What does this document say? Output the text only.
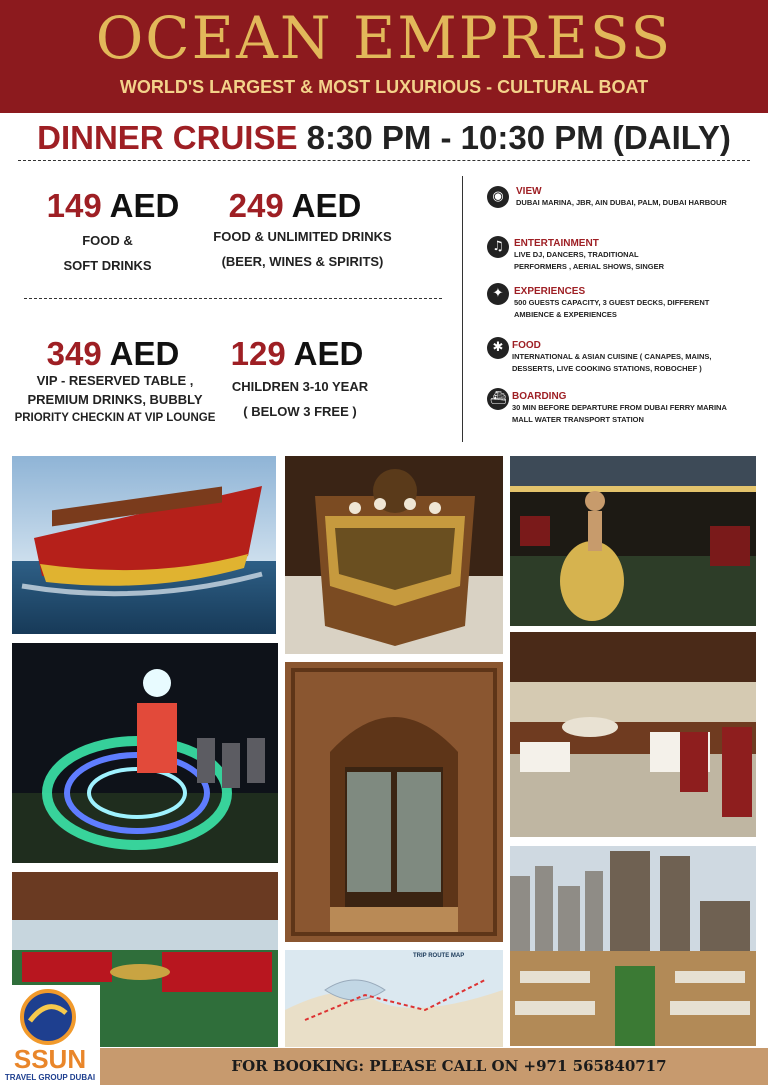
OCEAN EMPRESS
WORLD'S LARGEST & MOST LUXURIOUS - CULTURAL BOAT
DINNER CRUISE 8:30 PM - 10:30 PM (DAILY)
149 AED
FOOD &
SOFT DRINKS
249 AED
FOOD & UNLIMITED DRINKS
(BEER, WINES & SPIRITS)
349 AED
VIP - RESERVED TABLE ,
PREMIUM DRINKS, BUBBLY
PRIORITY CHECKIN AT VIP LOUNGE
129 AED
CHILDREN 3-10 YEAR
( BELOW 3 FREE )
◉	VIEW
DUBAI MARINA, JBR, AIN DUBAI, PALM, DUBAI HARBOUR
♫	ENTERTAINMENT
LIVE DJ, DANCERS, TRADITIONAL
PERFORMERS , AERIAL SHOWS, SINGER
✦	EXPERIENCES
500 GUESTS CAPACITY, 3 GUEST DECKS, DIFFERENT
AMBIENCE & EXPERIENCES
✱ FOOD
INTERNATIONAL & ASIAN CUISINE ( CANAPES, MAINS,
DESSERTS, LIVE COOKING STATIONS, ROBOCHEF )
⛴ BOARDING
30 MIN BEFORE DEPARTURE FROM DUBAI FERRY MARINA
MALL WATER TRANSPORT STATION
TRIP ROUTE MAP
FOR BOOKING: PLEASE CALL ON +971 565840717
SSUN
TRAVEL GROUP DUBAI
